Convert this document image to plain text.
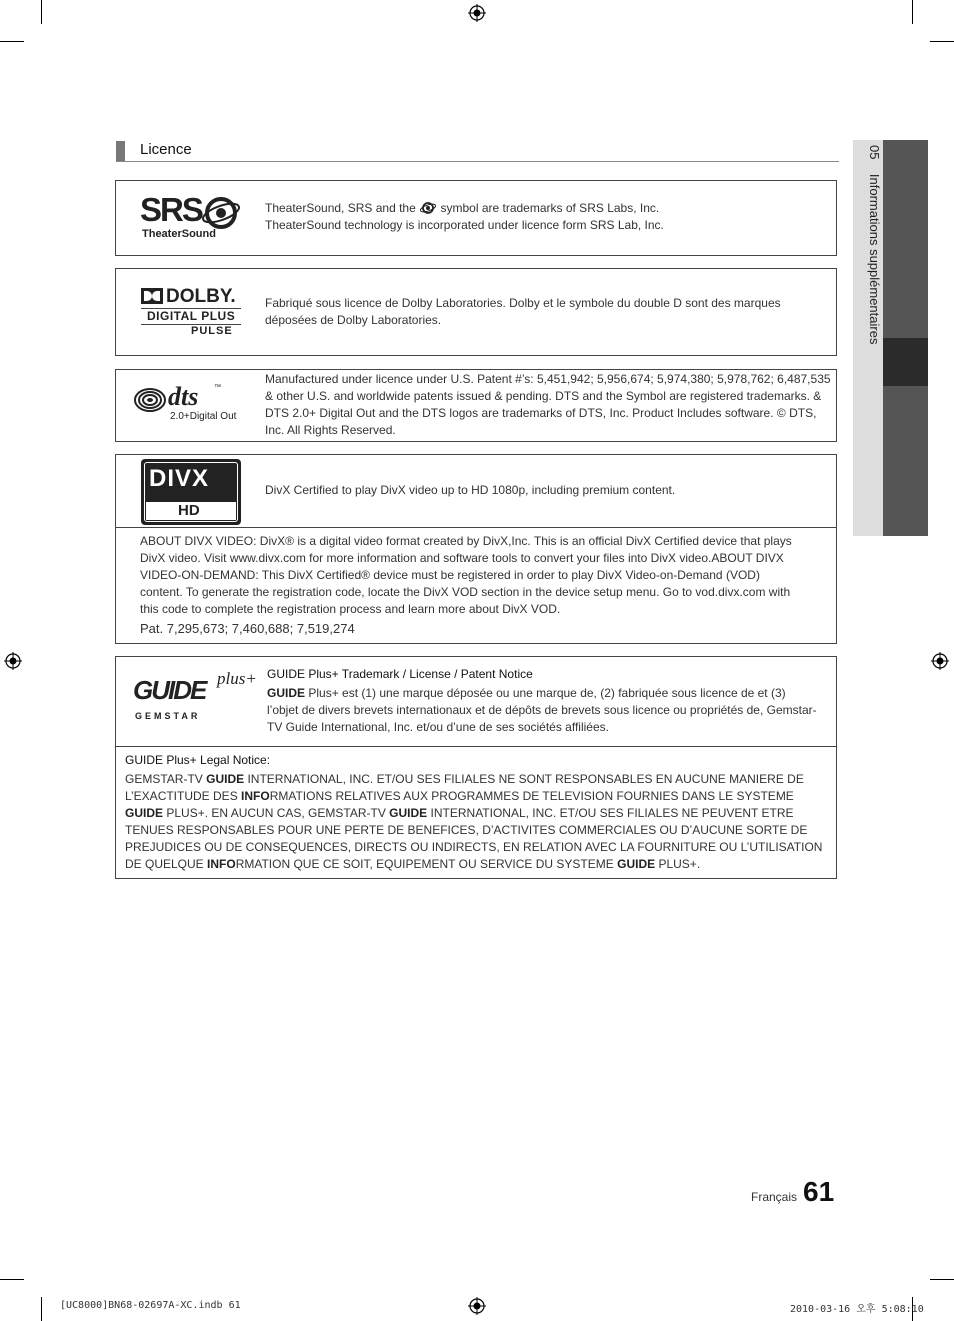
05    Informations supplémentaires
Licence
SRS
TheaterSound
TheaterSound, SRS and the symbol are trademarks of SRS Labs, Inc.
TheaterSound technology is incorporated under licence form SRS Lab, Inc.
DOLBY.
DIGITAL PLUS
PULSE
Fabriqué sous licence de Dolby Laboratories. Dolby et le symbole du double D sont des marques déposées de Dolby Laboratories.
dts ™
2.0+Digital Out
Manufactured under licence under U.S. Patent #’s: 5,451,942; 5,956,674; 5,974,380; 5,978,762; 6,487,535 & other U.S. and worldwide patents issued & pending. DTS and the Symbol are registered trademarks. & DTS 2.0+ Digital Out and the DTS logos are trademarks of DTS, Inc. Product Includes software. © DTS, Inc. All Rights Reserved.
DIVX
HD
DivX Certified to play DivX video up to HD 1080p, including premium content.
ABOUT DIVX VIDEO: DivX® is a digital video format created by DivX,Inc. This is an official DivX Certified device that plays DivX video. Visit www.divx.com for more information and software tools to convert your files into DivX video.ABOUT DIVX VIDEO-ON-DEMAND: This DivX Certified® device must be registered in order to play DivX Video-on-Demand (VOD) content. To generate the registration code, locate the DivX VOD section in the device setup menu. Go to vod.divx.com with this code to complete the registration process and learn more about DivX VOD.
Pat. 7,295,673; 7,460,688; 7,519,274
GUIDE plus+
GEMSTAR
GUIDE Plus+ Trademark / License / Patent Notice
GUIDE Plus+ est (1) une marque déposée ou une marque de, (2) fabriquée sous licence de et (3) l’objet de divers brevets internationaux et de dépôts de brevets sous licence ou propriétés de, Gemstar-TV Guide International, Inc. et/ou d’une de ses sociétés affiliées.
GUIDE Plus+ Legal Notice:
GEMSTAR-TV GUIDE INTERNATIONAL, INC. ET/OU SES FILIALES NE SONT RESPONSABLES EN AUCUNE MANIERE DE L’EXACTITUDE DES INFORMATIONS RELATIVES AUX PROGRAMMES DE TELEVISION FOURNIES DANS LE SYSTEME GUIDE PLUS+. EN AUCUN CAS, GEMSTAR-TV GUIDE INTERNATIONAL, INC. ET/OU SES FILIALES NE PEUVENT ETRE TENUES RESPONSABLES POUR UNE PERTE DE BENEFICES, D’ACTIVITES COMMERCIALES OU D’AUCUNE SORTE DE PREJUDICES OU DE CONSEQUENCES, DIRECTS OU INDIRECTS, EN RELATION AVEC LA FOURNITURE OU L’UTILISATION DE QUELQUE INFORMATION QUE CE SOIT, EQUIPEMENT OU SERVICE DU SYSTEME GUIDE PLUS+.
Français 61
[UC8000]BN68-02697A-XC.indb 61	2010-03-16 오후 5:08:10
